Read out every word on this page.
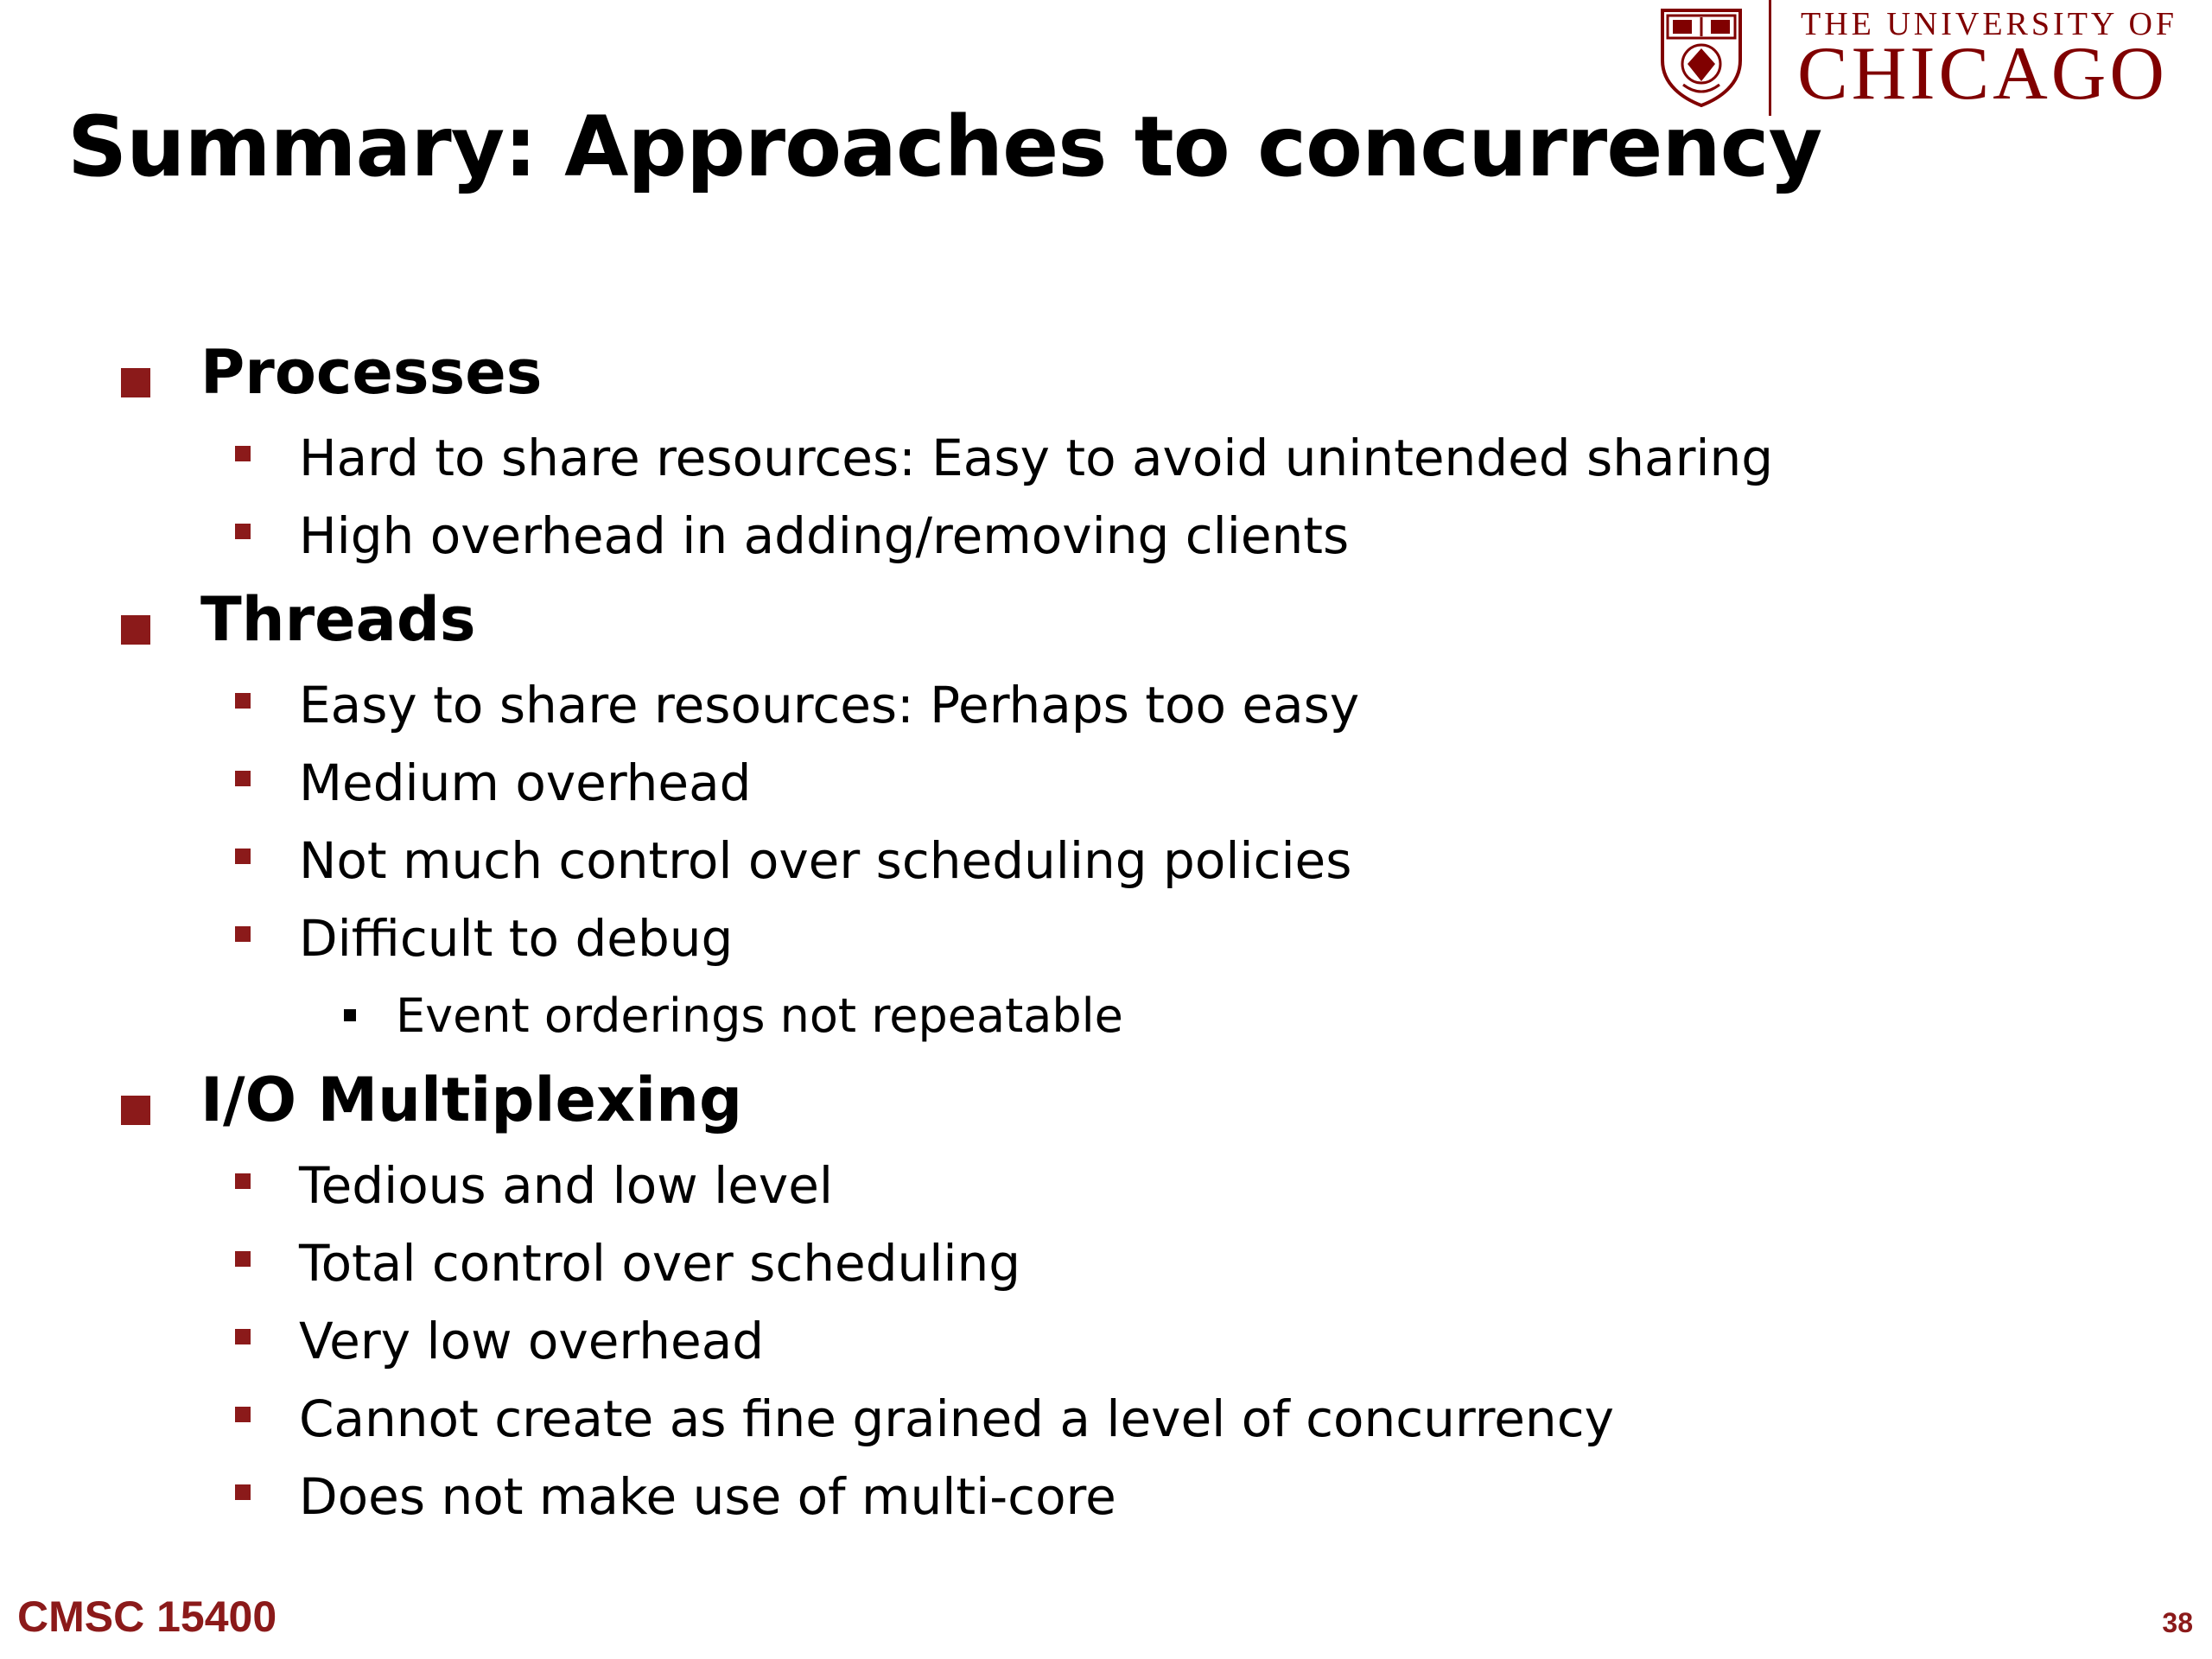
THE UNIVERSITY OF
CHICAGO
Summary: Approaches to concurrency
Processes
Hard to share resources: Easy to avoid unintended sharing
High overhead in adding/removing clients
Threads
Easy to share resources: Perhaps too easy
Medium overhead
Not much control over scheduling policies
Difficult to debug
Event orderings not repeatable
I/O Multiplexing
Tedious and low level
Total control over scheduling
Very low overhead
Cannot create as fine grained a level of concurrency
Does not make use of multi-core
CMSC 15400	38
